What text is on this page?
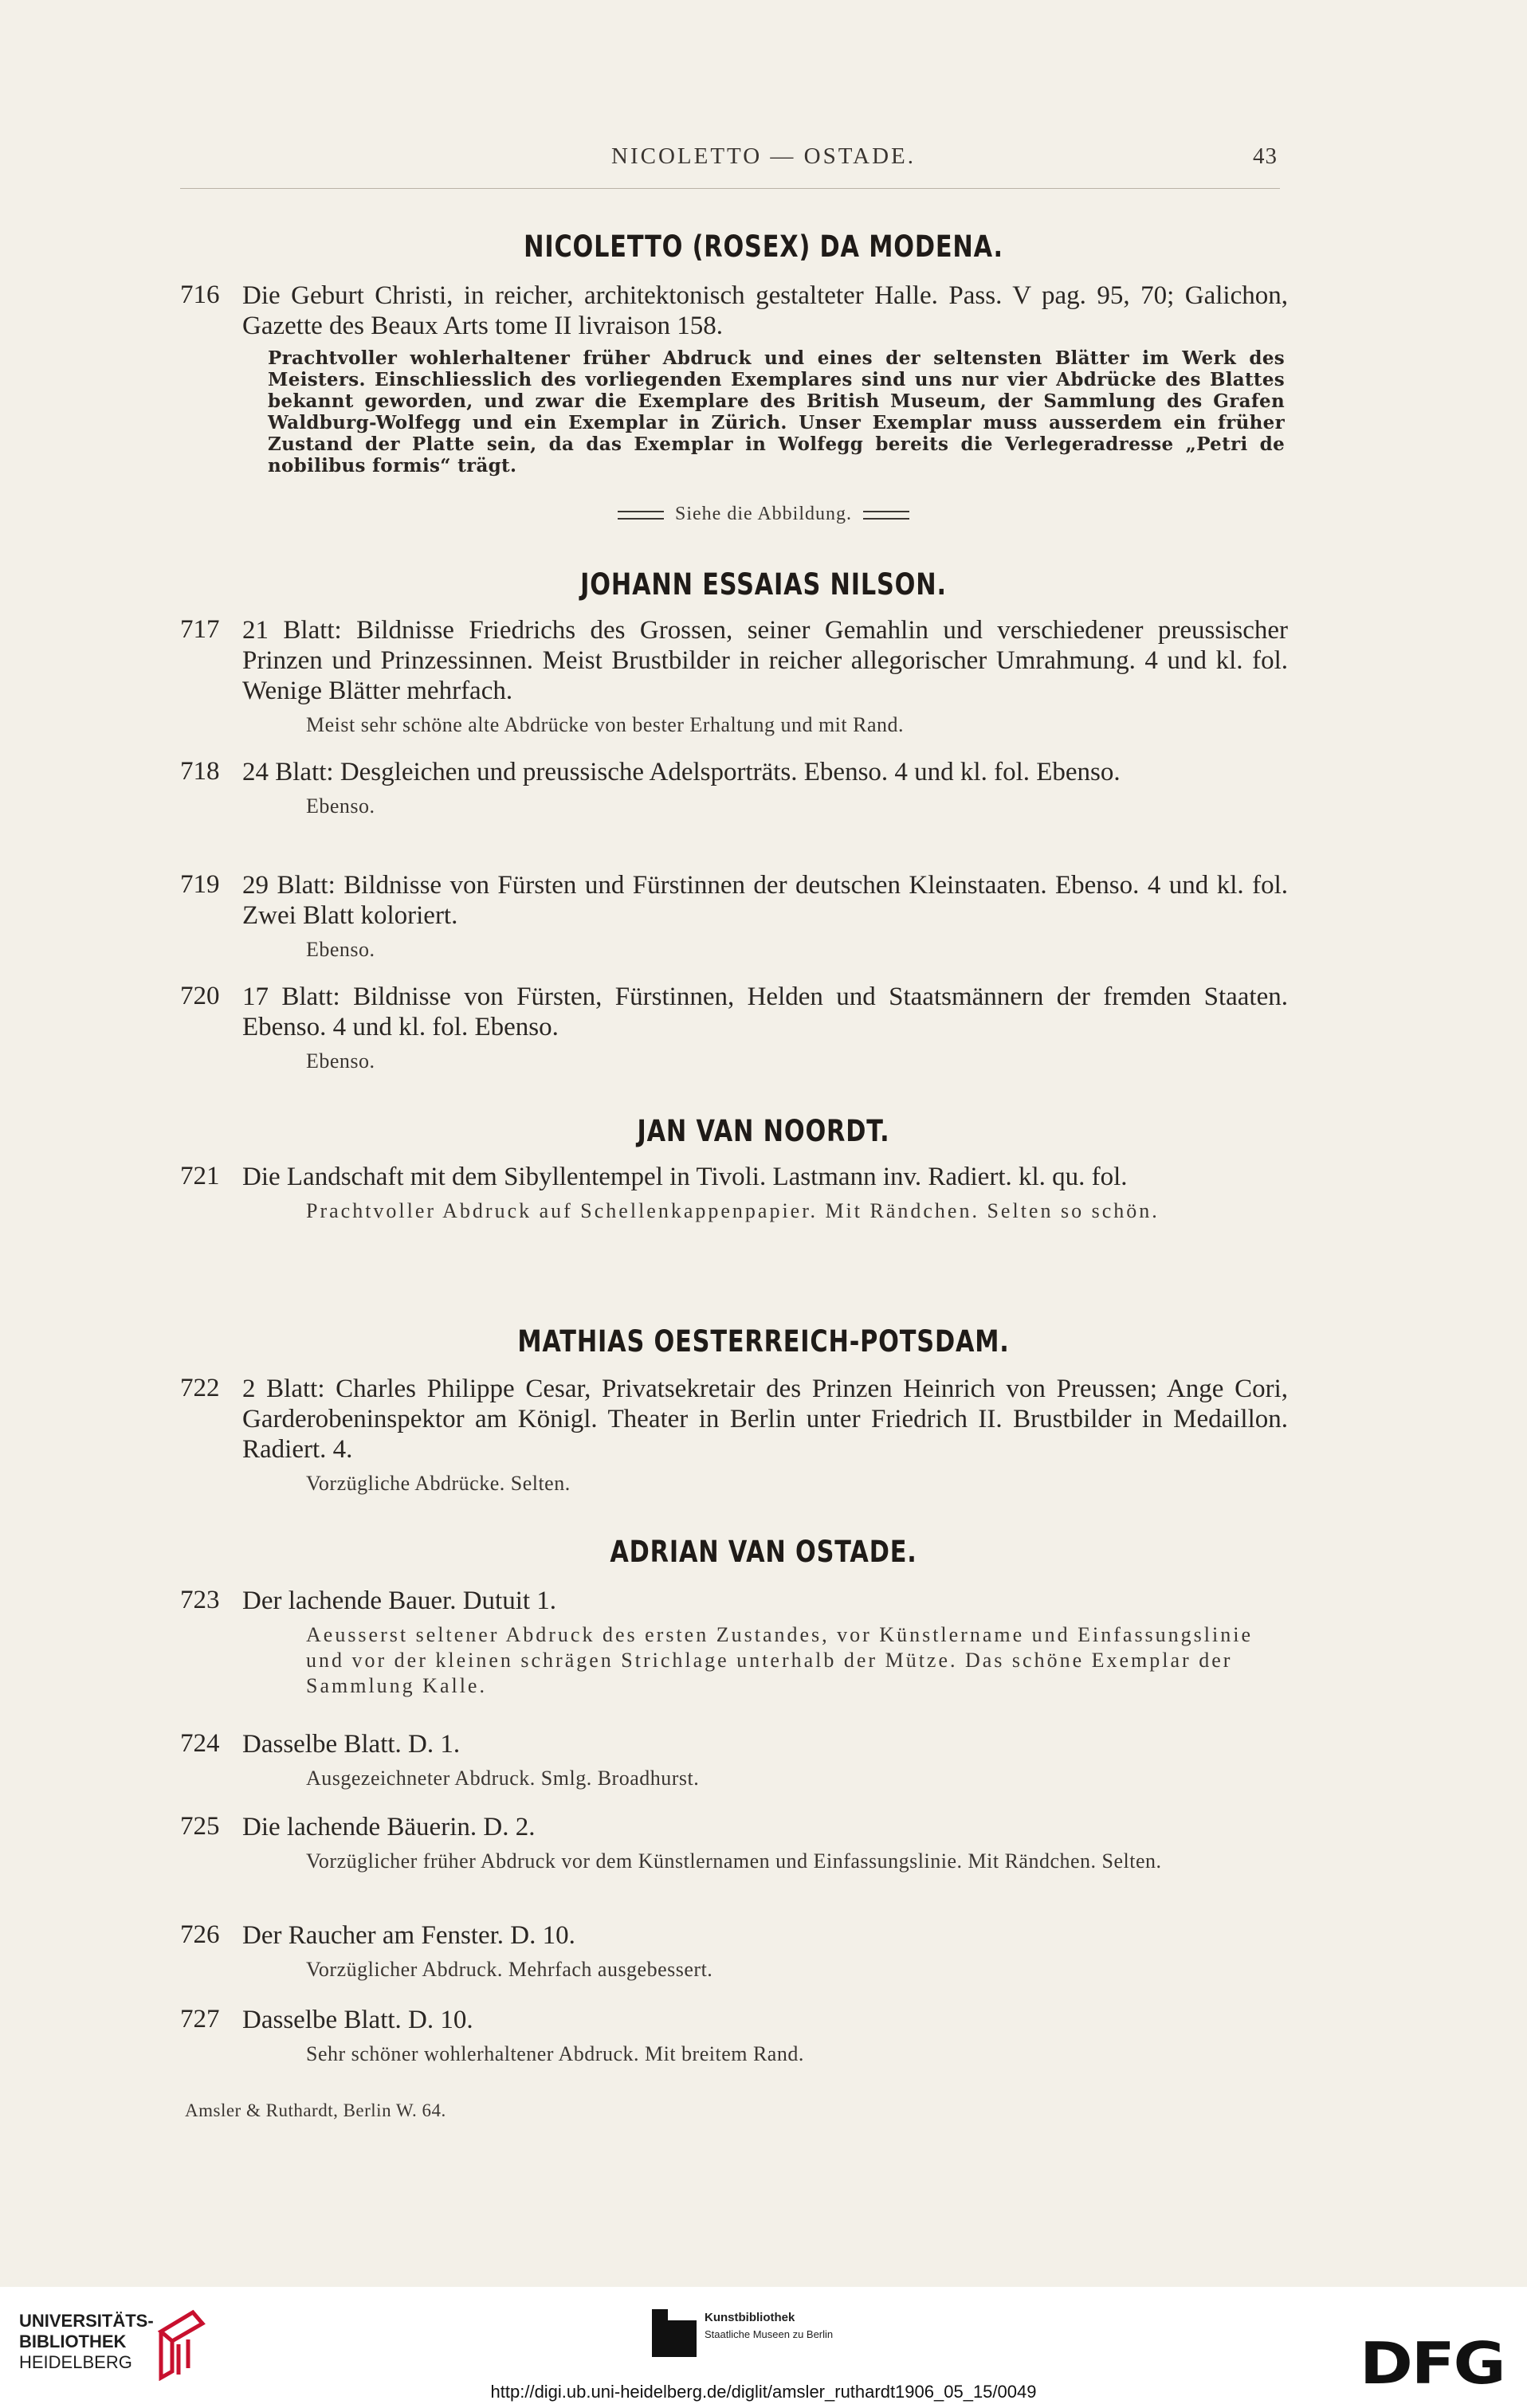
NICOLETTO — OSTADE.	43
NICOLETTO (ROSEX) DA MODENA.
716 Die Geburt Christi, in reicher, architektonisch gestalteter Halle. Pass. V pag. 95, 70; Galichon, Gazette des Beaux Arts tome II livraison 158.
Prachtvoller wohlerhaltener früher Abdruck und eines der seltensten Blätter im Werk des Meisters. Einschliesslich des vorliegenden Exemplares sind uns nur vier Abdrücke des Blattes bekannt geworden, und zwar die Exemplare des British Museum, der Sammlung des Grafen Waldburg-Wolfegg und ein Exemplar in Zürich. Unser Exemplar muss ausserdem ein früher Zustand der Platte sein, da das Exemplar in Wolfegg bereits die Verlegeradresse „Petri de nobilibus formis“ trägt.
Siehe die Abbildung.
JOHANN ESSAIAS NILSON.
717 21 Blatt: Bildnisse Friedrichs des Grossen, seiner Gemahlin und verschiedener preussischer Prinzen und Prinzessinnen. Meist Brustbilder in reicher allegorischer Umrahmung. 4 und kl. fol. Wenige Blätter mehrfach.
Meist sehr schöne alte Abdrücke von bester Erhaltung und mit Rand.
718 24 Blatt: Desgleichen und preussische Adelsporträts. Ebenso. 4 und kl. fol. Ebenso.
Ebenso.
719 29 Blatt: Bildnisse von Fürsten und Fürstinnen der deutschen Kleinstaaten. Ebenso. 4 und kl. fol. Zwei Blatt koloriert.
Ebenso.
720 17 Blatt: Bildnisse von Fürsten, Fürstinnen, Helden und Staatsmännern der fremden Staaten. Ebenso. 4 und kl. fol. Ebenso.
Ebenso.
JAN VAN NOORDT.
721 Die Landschaft mit dem Sibyllentempel in Tivoli. Lastmann inv. Radiert. kl. qu. fol.
Prachtvoller Abdruck auf Schellenkappenpapier. Mit Rändchen. Selten so schön.
MATHIAS OESTERREICH-POTSDAM.
722 2 Blatt: Charles Philippe Cesar, Privatsekretair des Prinzen Heinrich von Preussen; Ange Cori, Garderobeninspektor am Königl. Theater in Berlin unter Friedrich II. Brustbilder in Medaillon. Radiert. 4.
Vorzügliche Abdrücke. Selten.
ADRIAN VAN OSTADE.
723 Der lachende Bauer. Dutuit 1.
Aeusserst seltener Abdruck des ersten Zustandes, vor Künstlername und Einfassungslinie und vor der kleinen schrägen Strichlage unterhalb der Mütze. Das schöne Exemplar der Sammlung Kalle.
724 Dasselbe Blatt. D. 1.
Ausgezeichneter Abdruck. Smlg. Broadhurst.
725 Die lachende Bäuerin. D. 2.
Vorzüglicher früher Abdruck vor dem Künstlernamen und Einfassungslinie. Mit Rändchen. Selten.
726 Der Raucher am Fenster. D. 10.
Vorzüglicher Abdruck. Mehrfach ausgebessert.
727 Dasselbe Blatt. D. 10.
Sehr schöner wohlerhaltener Abdruck. Mit breitem Rand.
Amsler & Ruthardt, Berlin W. 64.
UNIVERSITÄTS-
BIBLIOTHEK
HEIDELBERG
Kunstbibliothek
Staatliche Museen zu Berlin	DFG
http://digi.ub.uni-heidelberg.de/diglit/amsler_ruthardt1906_05_15/0049
